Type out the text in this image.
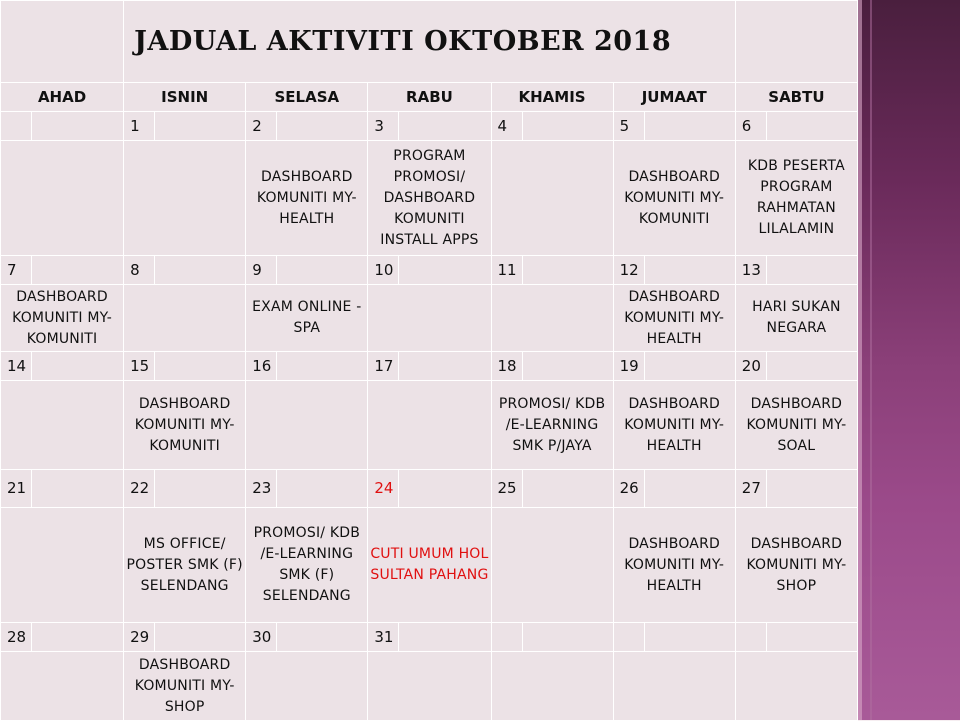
		JADUAL AKTIVITI OKTOBER 2018											
AHAD		ISNIN		SELASA		RABU		KHAMIS		JUMAAT		SABTU	
		1		2		3		4		5		6	
				DASHBOARD KOMUNITI MY-HEALTH		PROGRAM PROMOSI/ DASHBOARD KOMUNITI INSTALL APPS				DASHBOARD KOMUNITI MY-KOMUNITI		KDB PESERTA PROGRAM RAHMATAN LILALAMIN	
7		8		9		10		11		12		13	
DASHBOARD KOMUNITI MY-KOMUNITI				EXAM ONLINE - SPA						DASHBOARD KOMUNITI MY-HEALTH		HARI SUKAN NEGARA	
14		15		16		17		18		19		20	
		DASHBOARD KOMUNITI MY-KOMUNITI						PROMOSI/ KDB /E-LEARNING SMK P/JAYA		DASHBOARD KOMUNITI MY-HEALTH		DASHBOARD KOMUNITI MY-SOAL	
21		22		23		24		25		26		27	
		MS OFFICE/ POSTER SMK (F) SELENDANG		PROMOSI/ KDB /E-LEARNING SMK (F) SELENDANG		CUTI UMUM HOL SULTAN PAHANG				DASHBOARD KOMUNITI MY-HEALTH		DASHBOARD KOMUNITI MY-SHOP	
28		29		30		31							
		DASHBOARD KOMUNITI MY-SHOP											
